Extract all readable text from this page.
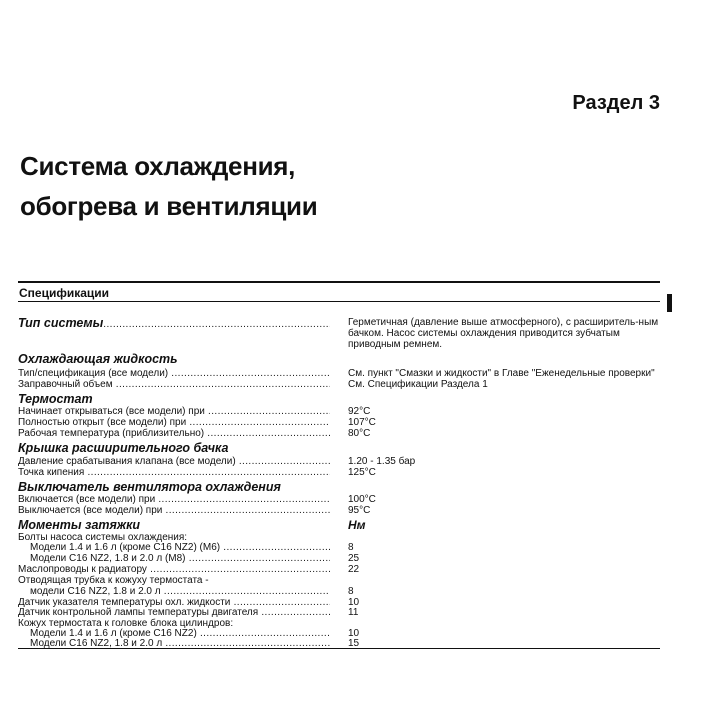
Раздел 3
Система охлаждения,
обогрева и вентиляции
Спецификации
Тип системы .....	Герметичная (давление выше атмосферного), с расширитель-ным бачком. Насос системы охлаждения приводится зубчатым приводным ремнем.
Охлаждающая жидкость
Тип/спецификация (все модели) .....	См. пункт "Смазки и жидкости" в Главе "Еженедельные проверки"
Заправочный объем .....	См. Спецификации Раздела 1
Термостат
Начинает открываться (все модели) при .....	92°C
Полностью открыт (все модели) при .....	107°C
Рабочая температура (приблизительно) .....	80°C
Крышка расширительного бачка
Давление срабатывания клапана (все модели) .....	1.20 - 1.35 бар
Точка кипения .....	125°C
Выключатель вентилятора охлаждения
Включается (все модели) при .....	100°C
Выключается (все модели) при .....	95°C
Моменты затяжки	Нм
Болты насоса системы охлаждения:
Модели 1.4 и 1.6 л (кроме C16 NZ2) (M6) .....	8
Модели C16 NZ2, 1.8 и 2.0 л (M8) .....	25
Маслопроводы к радиатору .....	22
Отводящая трубка к кожуху термостата -
модели C16 NZ2, 1.8 и 2.0 л .....	8
Датчик указателя температуры охл. жидкости .....	10
Датчик контрольной лампы температуры двигателя .....	11
Кожух термостата к головке блока цилиндров:
Модели 1.4 и 1.6 л (кроме C16 NZ2) .....	10
Модели C16 NZ2, 1.8 и 2.0 л .....	15
